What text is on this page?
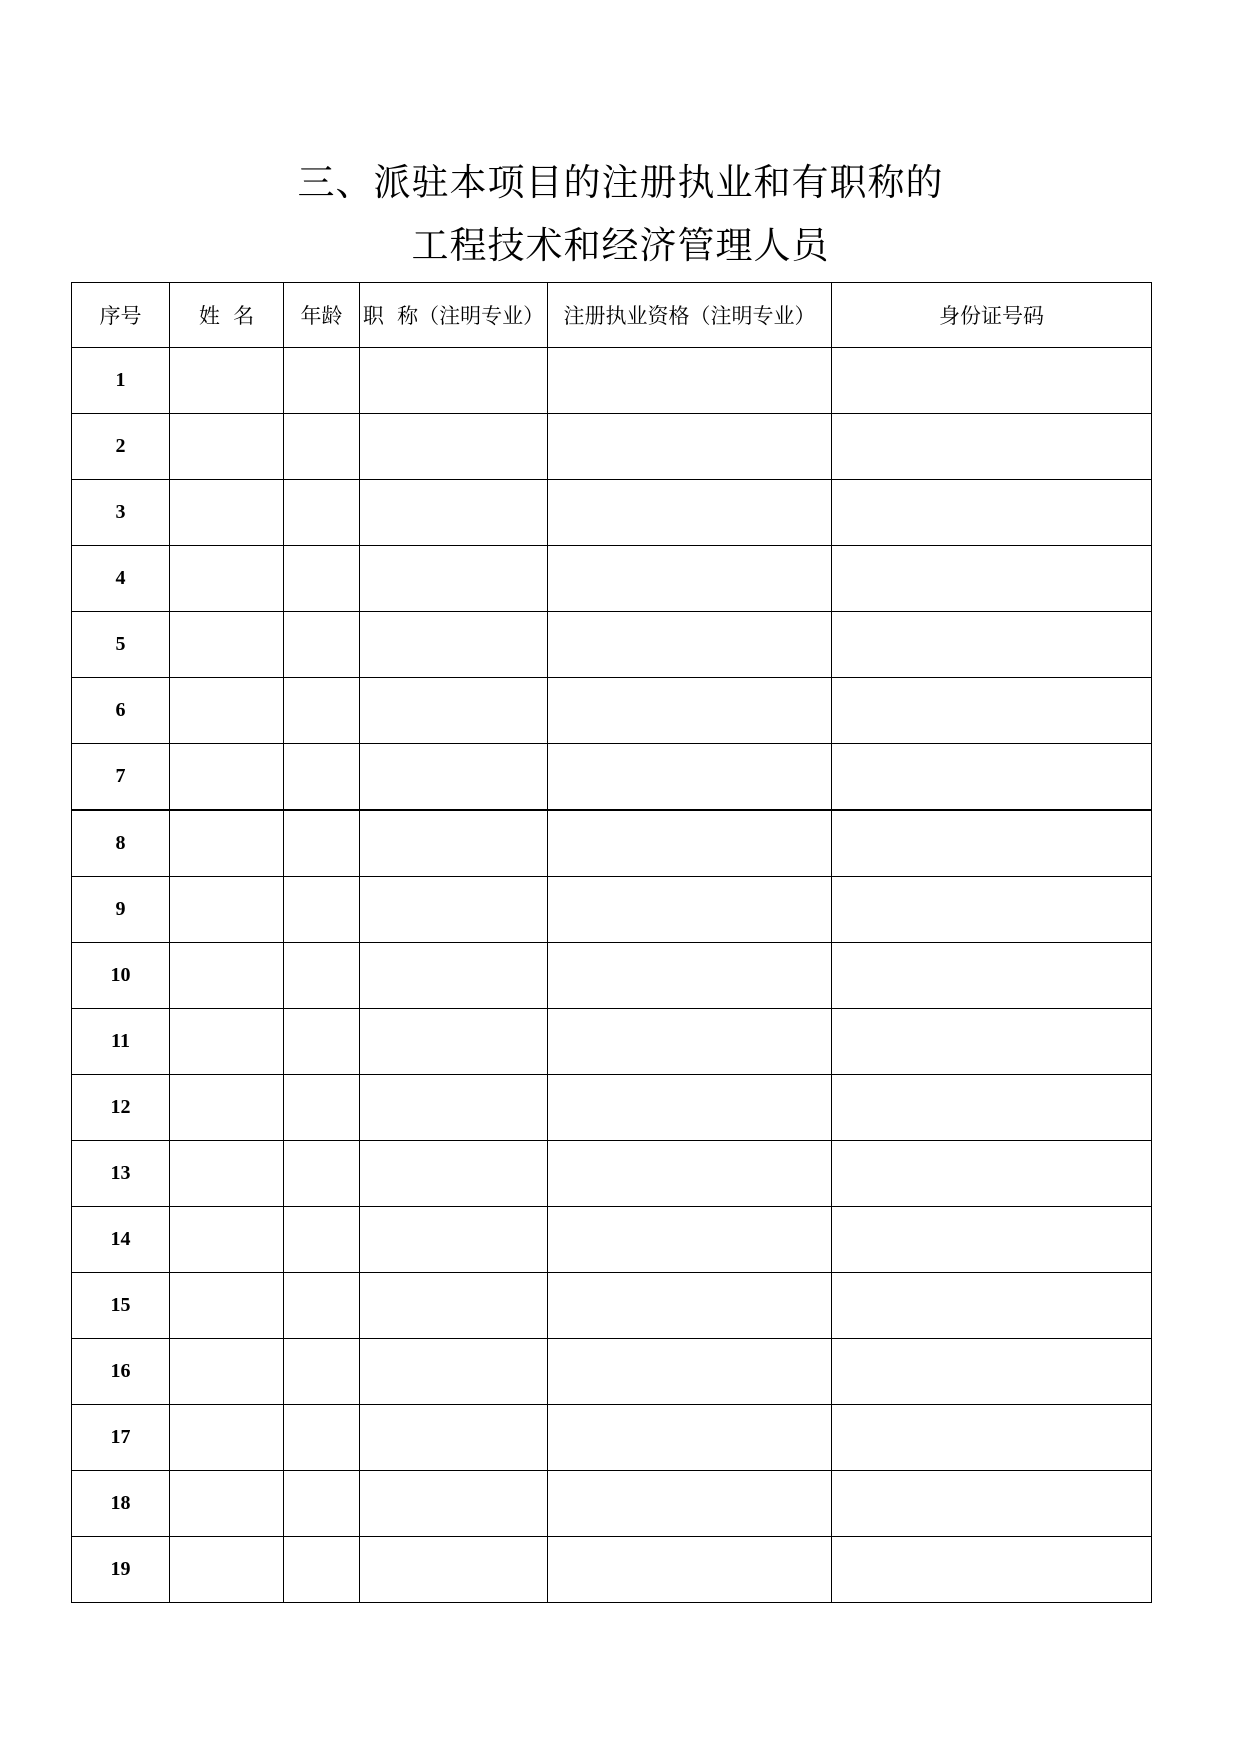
三、派驻本项目的注册执业和有职称的

工程技术和经济管理人员

序号	姓  名	年龄	职  称（注明专业）	注册执业资格（注明专业）	身份证号码
1					
2					
3					
4					
5					
6					
7					
8					
9					
10					
11					
12					
13					
14					
15					
16					
17					
18					
19					
